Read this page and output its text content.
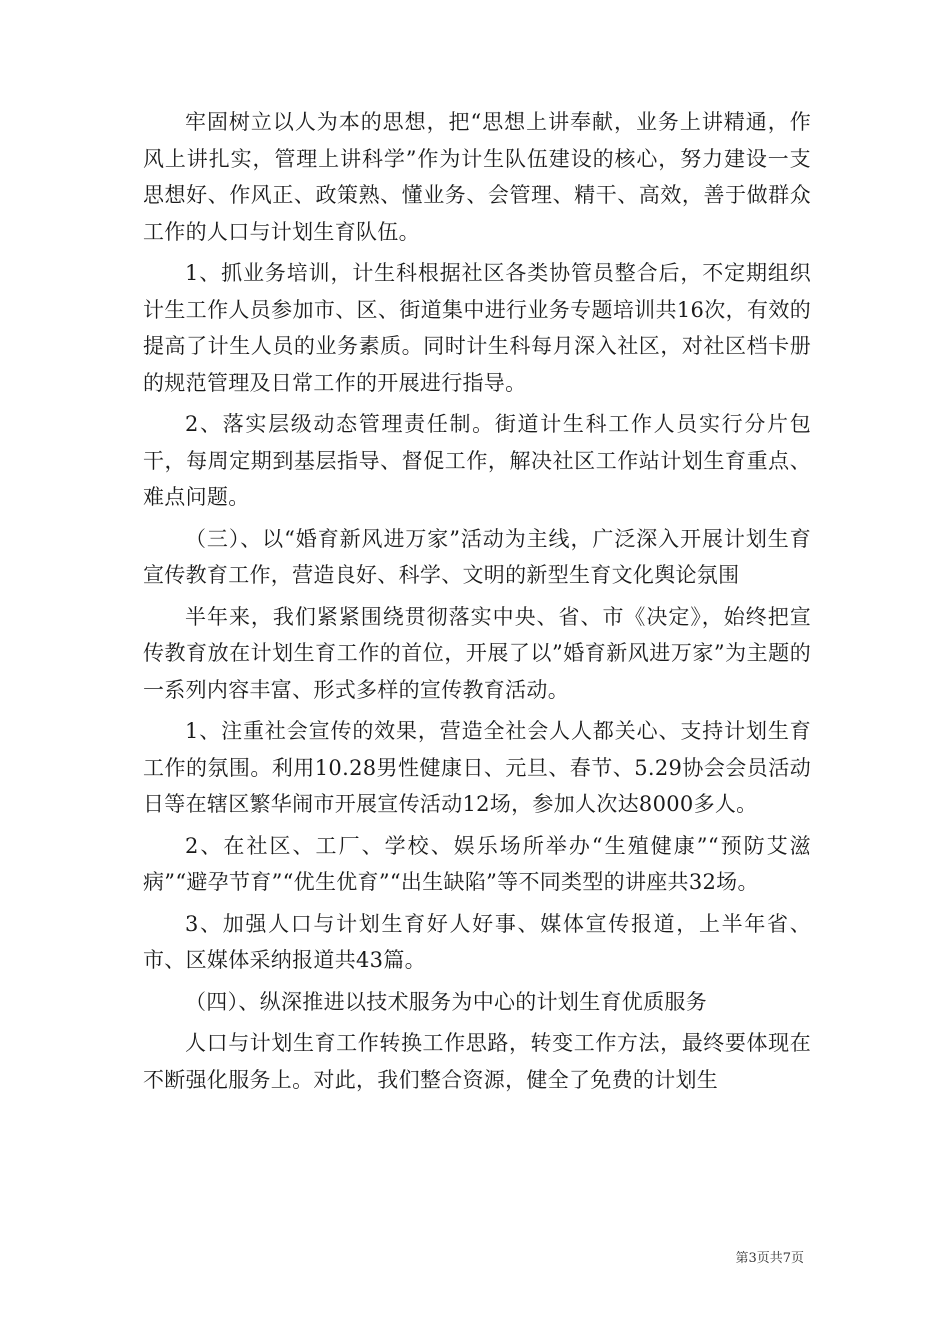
牢固树立以人为本的思想，把“思想上讲奉献，业务上讲精通，作风上讲扎实，管理上讲科学”作为计生队伍建设的核心，努力建设一支思想好、作风正、政策熟、懂业务、会管理、精干、高效，善于做群众工作的人口与计划生育队伍。

1、抓业务培训，计生科根据社区各类协管员整合后，不定期组织计生工作人员参加市、区、街道集中进行业务专题培训共16次，有效的提高了计生人员的业务素质。同时计生科每月深入社区，对社区档卡册的规范管理及日常工作的开展进行指导。

2、落实层级动态管理责任制。街道计生科工作人员实行分片包干，每周定期到基层指导、督促工作，解决社区工作站计划生育重点、难点问题。

（三）、以“婚育新风进万家”活动为主线，广泛深入开展计划生育宣传教育工作，营造良好、科学、文明的新型生育文化舆论氛围

半年来，我们紧紧围绕贯彻落实中央、省、市《决定》，始终把宣传教育放在计划生育工作的首位，开展了以”婚育新风进万家”为主题的一系列内容丰富、形式多样的宣传教育活动。

1、注重社会宣传的效果，营造全社会人人都关心、支持计划生育工作的氛围。利用10.28男性健康日、元旦、春节、5.29协会会员活动日等在辖区繁华闹市开展宣传活动12场，参加人次达8000多人。

2、在社区、工厂、学校、娱乐场所举办“生殖健康”“预防艾滋病”“避孕节育”“优生优育”“出生缺陷”等不同类型的讲座共32场。

3、加强人口与计划生育好人好事、媒体宣传报道，上半年省、市、区媒体采纳报道共43篇。

（四）、纵深推进以技术服务为中心的计划生育优质服务

人口与计划生育工作转换工作思路，转变工作方法，最终要体现在不断强化服务上。对此，我们整合资源，健全了免费的计划生

第3页共7页
